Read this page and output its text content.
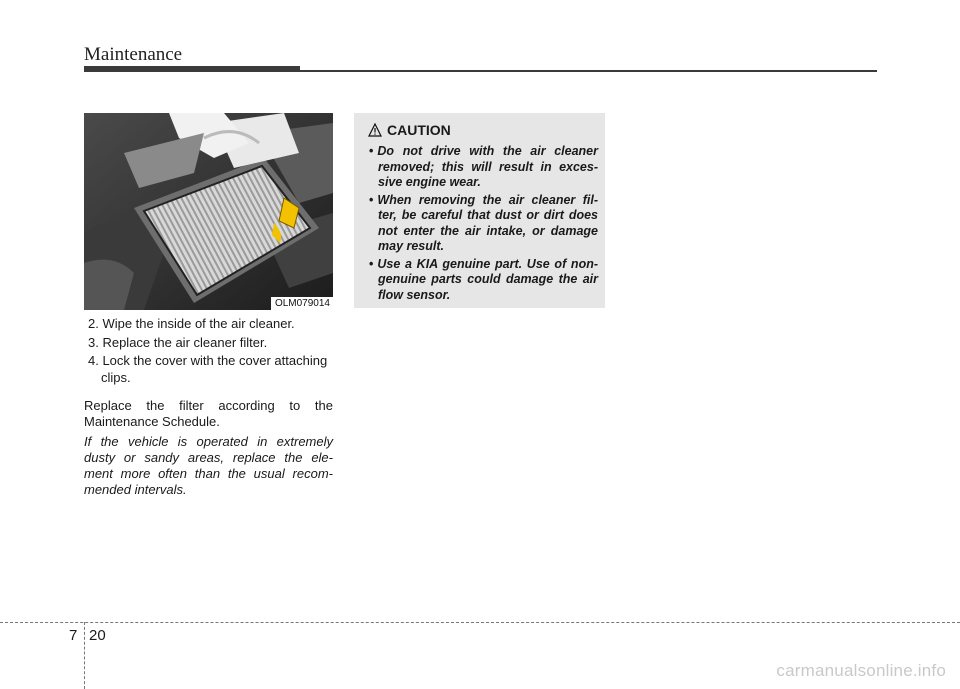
Maintenance
OLM079014
2. Wipe the inside of the air cleaner.
3. Replace the air cleaner filter.
4. Lock the cover with the cover attaching clips.

Replace the filter according to the Maintenance Schedule.

If the vehicle is operated in extremely dusty or sandy areas, replace the ele- ment more often than the usual recom- mended intervals.

CAUTION
• Do not drive with the air cleaner removed; this will result in exces- sive engine wear.
• When removing the air cleaner fil- ter, be careful that dust or dirt does not enter the air intake, or damage may result.
• Use a KIA genuine part. Use of non-genuine parts could damage the air flow sensor.
7 20
carmanualsonline.info
